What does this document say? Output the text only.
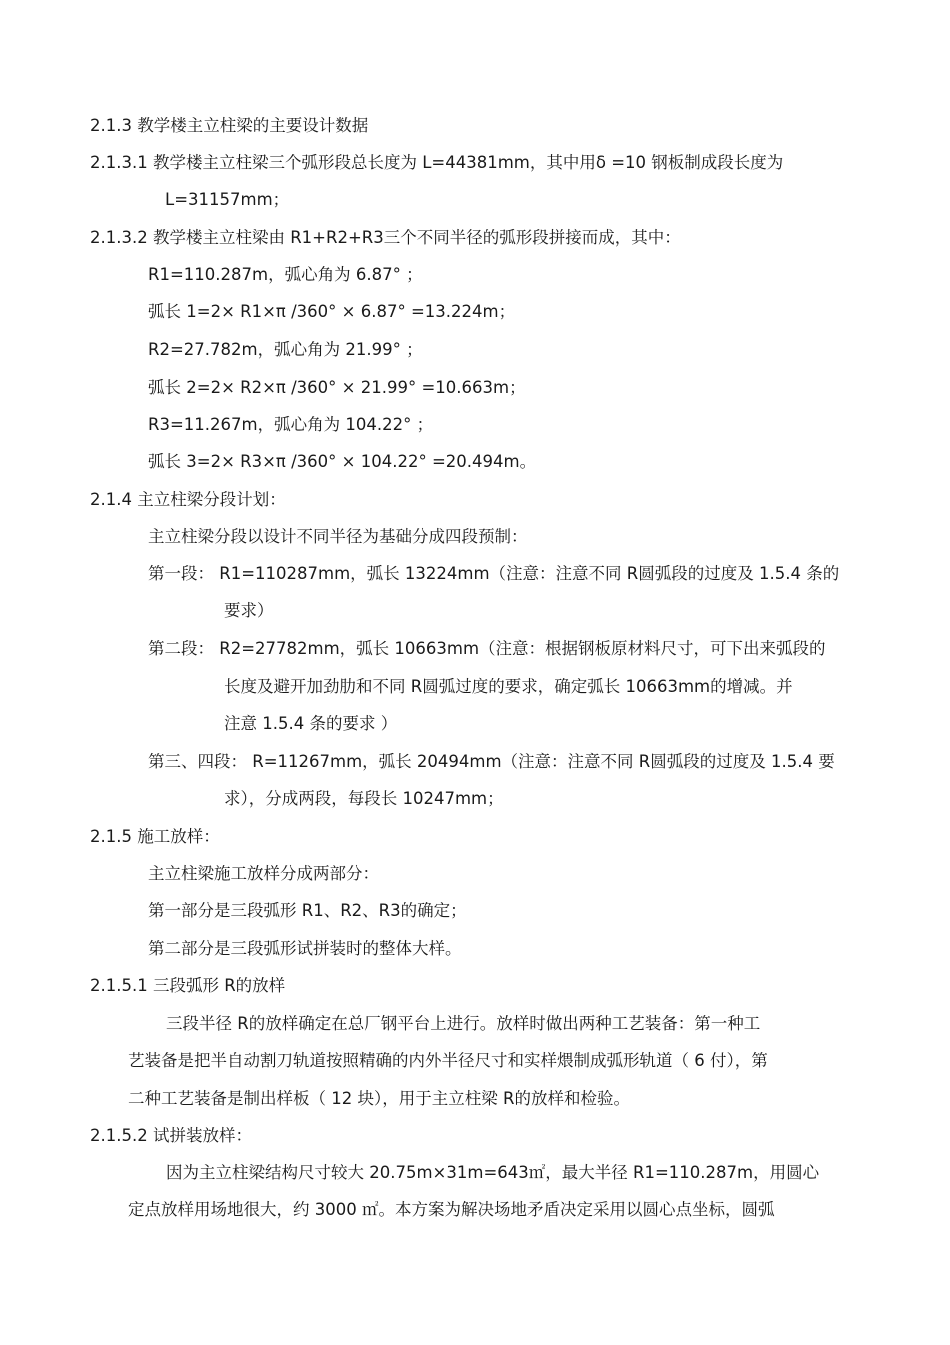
2.1.3 教学楼主立柱梁的主要设计数据
2.1.3.1 教学楼主立柱梁三个弧形段总长度为 L=44381mm，其中用δ =10 钢板制成段长度为
L=31157mm；
2.1.3.2 教学楼主立柱梁由 R1+R2+R3三个不同半径的弧形段拼接而成，其中：
R1=110.287m，弧心角为 6.87° ；
弧长 1=2× R1×π /360° × 6.87° =13.224m；
R2=27.782m，弧心角为 21.99° ；
弧长 2=2× R2×π /360° × 21.99° =10.663m；
R3=11.267m，弧心角为 104.22° ；
弧长 3=2× R3×π /360° × 104.22° =20.494m。
2.1.4 主立柱梁分段计划：
主立柱梁分段以设计不同半径为基础分成四段预制：
第一段： R1=110287mm，弧长 13224mm（注意：注意不同 R圆弧段的过度及 1.5.4 条的
要求）
第二段： R2=27782mm，弧长 10663mm（注意：根据钢板原材料尺寸，可下出来弧段的
长度及避开加劲肋和不同 R圆弧过度的要求，确定弧长 10663mm的增减。并
注意 1.5.4 条的要求 ）
第三、四段： R=11267mm，弧长 20494mm（注意：注意不同 R圆弧段的过度及 1.5.4 要
求），分成两段，每段长 10247mm；
2.1.5 施工放样：
主立柱梁施工放样分成两部分：
第一部分是三段弧形 R1、R2、R3的确定；
第二部分是三段弧形试拼装时的整体大样。
2.1.5.1 三段弧形 R的放样
三段半径 R的放样确定在总厂钢平台上进行。放样时做出两种工艺装备：第一种工
艺装备是把半自动割刀轨道按照精确的内外半径尺寸和实样煨制成弧形轨道（ 6 付），第
二种工艺装备是制出样板（ 12 块），用于主立柱梁 R的放样和检验。
2.1.5.2 试拼装放样：
因为主立柱梁结构尺寸较大 20.75m×31m=643㎡，最大半径 R1=110.287m，用圆心
定点放样用场地很大，约 3000 ㎡。本方案为解决场地矛盾决定采用以圆心点坐标，圆弧
